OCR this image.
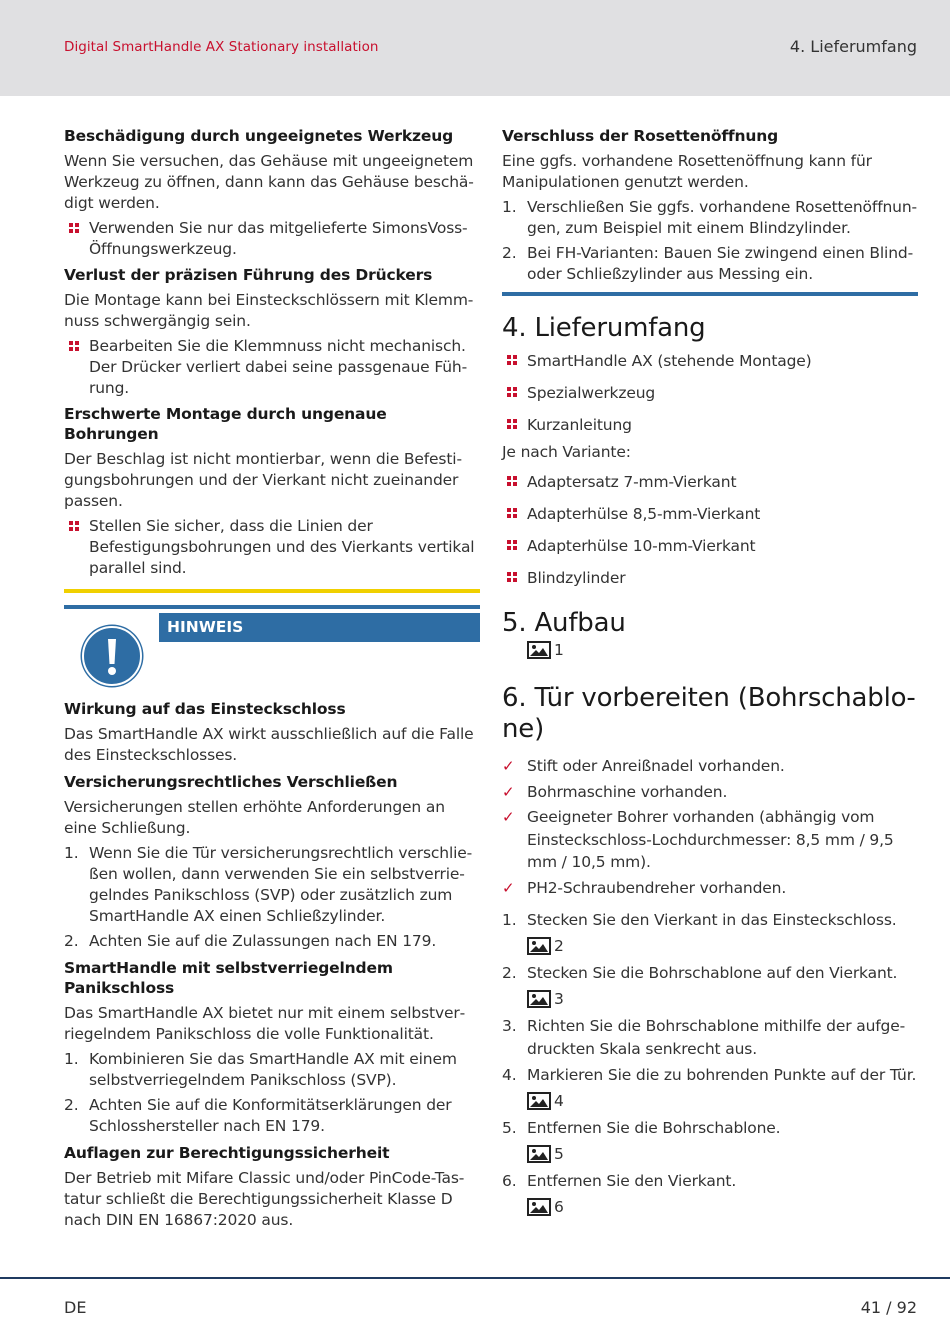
Digital SmartHandle AX Stationary installation	4. Lieferumfang
Beschädigung durch ungeeignetes Werkzeug
Wenn Sie versuchen, das Gehäuse mit ungeeignetem Werkzeug zu öffnen, dann kann das Gehäuse beschädigt werden.
Verwenden Sie nur das mitgelieferte SimonsVoss-Öffnungswerkzeug.
Verlust der präzisen Führung des Drückers
Die Montage kann bei Einsteckschlössern mit Klemmnuss schwergängig sein.
Bearbeiten Sie die Klemmnuss nicht mechanisch. Der Drücker verliert dabei seine passgenaue Führung.
Erschwerte Montage durch ungenaue Bohrungen
Der Beschlag ist nicht montierbar, wenn die Befestigungsbohrungen und der Vierkant nicht zueinander passen.
Stellen Sie sicher, dass die Linien der Befestigungsbohrungen und des Vierkants vertikal parallel sind.
HINWEIS
Wirkung auf das Einsteckschloss
Das SmartHandle AX wirkt ausschließlich auf die Falle des Einsteckschlosses.
Versicherungsrechtliches Verschließen
Versicherungen stellen erhöhte Anforderungen an eine Schließung.
1. Wenn Sie die Tür versicherungsrechtlich verschließen wollen, dann verwenden Sie ein selbstverriegelndes Panikschloss (SVP) oder zusätzlich zum SmartHandle AX einen Schließzylinder.
2. Achten Sie auf die Zulassungen nach EN 179.
SmartHandle mit selbstverriegelndem Panikschloss
Das SmartHandle AX bietet nur mit einem selbstverriegelndem Panikschloss die volle Funktionalität.
1. Kombinieren Sie das SmartHandle AX mit einem selbstverriegelndem Panikschloss (SVP).
2. Achten Sie auf die Konformitätserklärungen der Schlosshersteller nach EN 179.
Auflagen zur Berechtigungssicherheit
Der Betrieb mit Mifare Classic und/oder PinCode-Tastatur schließt die Berechtigungssicherheit Klasse D nach DIN EN 16867:2020 aus.
Verschluss der Rosettenöffnung
Eine ggfs. vorhandene Rosettenöffnung kann für Manipulationen genutzt werden.
1. Verschließen Sie ggfs. vorhandene Rosettenöffnungen, zum Beispiel mit einem Blindzylinder.
2. Bei FH-Varianten: Bauen Sie zwingend einen Blind- oder Schließzylinder aus Messing ein.
4. Lieferumfang
SmartHandle AX (stehende Montage)
Spezialwerkzeug
Kurzanleitung
Je nach Variante:
Adaptersatz 7-mm-Vierkant
Adapterhülse 8,5-mm-Vierkant
Adapterhülse 10-mm-Vierkant
Blindzylinder
5. Aufbau
1
6. Tür vorbereiten (Bohrschablone)
✓ Stift oder Anreißnadel vorhanden.
✓ Bohrmaschine vorhanden.
✓ Geeigneter Bohrer vorhanden (abhängig vom Einsteckschloss-Lochdurchmesser: 8,5 mm / 9,5 mm / 10,5 mm).
✓ PH2-Schraubendreher vorhanden.
1. Stecken Sie den Vierkant in das Einsteckschloss.
2
2. Stecken Sie die Bohrschablone auf den Vierkant.
3
3. Richten Sie die Bohrschablone mithilfe der aufgedruckten Skala senkrecht aus.
4. Markieren Sie die zu bohrenden Punkte auf der Tür.
4
5. Entfernen Sie die Bohrschablone.
5
6. Entfernen Sie den Vierkant.
6
DE	41 / 92
